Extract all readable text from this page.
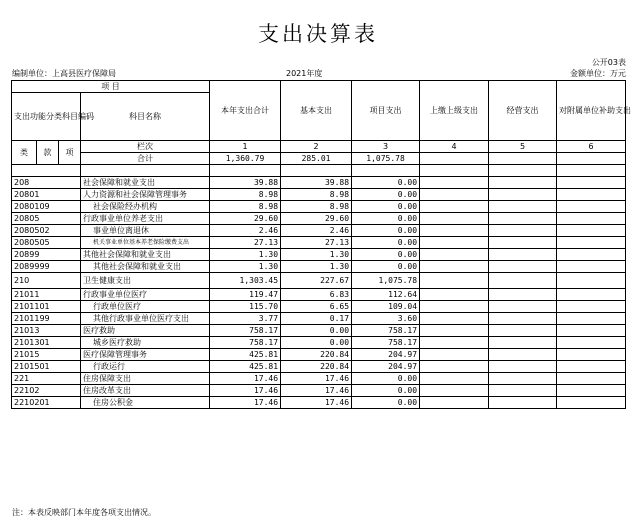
支出决算表
公开03表
编制单位：上高县医疗保障局	2021年度	金额单位：万元
项 目				本年支出合计	基本支出	项目支出	上缴上级支出	经营支出	对附属单位补助支出
支出功能分类科目编码			科目名称						

类	款	项	栏次	1	2	3	4	5	6
			合计	1,360.79	285.01	1,075.78			

208			社会保障和就业支出	39.88	39.88	0.00			
20801			人力资源和社会保障管理事务	8.98	8.98	0.00			
2080109			社会保险经办机构	8.98	8.98	0.00			
20805			行政事业单位养老支出	29.60	29.60	0.00			
2080502			事业单位离退休	2.46	2.46	0.00			
2080505			机关事业单位基本养老保险缴费支出	27.13	27.13	0.00			
20899			其他社会保障和就业支出	1.30	1.30	0.00			
2089999			其他社会保障和就业支出	1.30	1.30	0.00			
210			卫生健康支出	1,303.45	227.67	1,075.78			
21011			行政事业单位医疗	119.47	6.83	112.64			
2101101			行政单位医疗	115.70	6.65	109.04			
2101199			其他行政事业单位医疗支出	3.77	0.17	3.60			
21013			医疗救助	758.17	0.00	758.17			
2101301			城乡医疗救助	758.17	0.00	758.17			
21015			医疗保障管理事务	425.81	220.84	204.97			
2101501			行政运行	425.81	220.84	204.97			
221			住房保障支出	17.46	17.46	0.00			
22102			住房改革支出	17.46	17.46	0.00			
2210201			住房公积金	17.46	17.46	0.00			
注：本表反映部门本年度各项支出情况。
